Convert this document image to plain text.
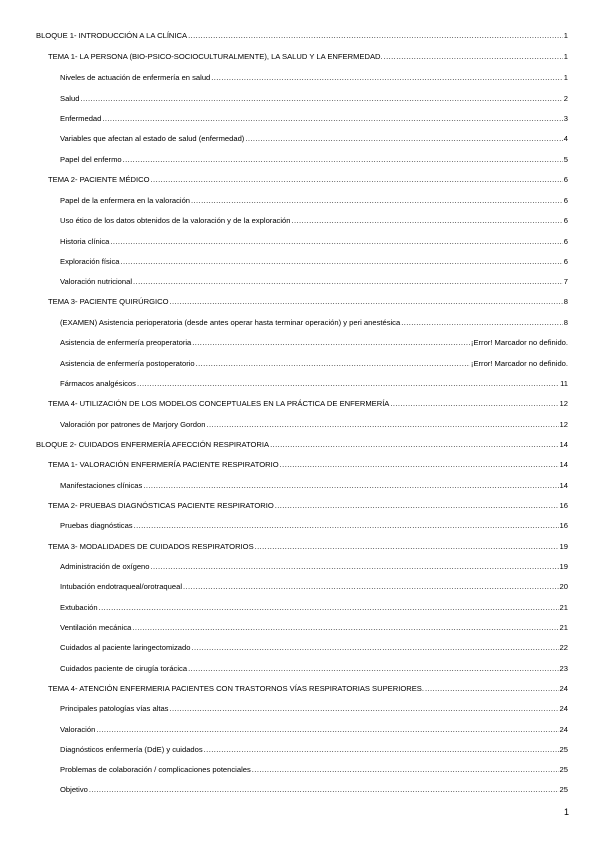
BLOQUE 1- INTRODUCCIÓN A LA CLÍNICA .....	1
TEMA 1- LA PERSONA (BIO-PSICO-SOCIOCULTURALMENTE), LA SALUD Y LA ENFERMEDAD. .....	1
Niveles de actuación de enfermería en salud .....	1
Salud .....	2
Enfermedad .....	3
Variables que afectan al estado de salud (enfermedad) .....	4
Papel del enfermo .....	5
TEMA 2- PACIENTE MÉDICO .....	6
Papel de la enfermera en la valoración .....	6
Uso ético de los datos obtenidos de la valoración y de la exploración .....	6
Historia clínica .....	6
Exploración física .....	6
Valoración nutricional .....	7
TEMA 3- PACIENTE QUIRÚRGICO .....	8
(EXAMEN) Asistencia perioperatoria (desde antes operar hasta terminar operación) y peri anestésica .....	8
Asistencia de enfermería preoperatoria .....	¡Error! Marcador no definido.
Asistencia de enfermería postoperatorio .....	¡Error! Marcador no definido.
Fármacos analgésicos .....	11
TEMA 4- UTILIZACIÓN DE LOS MODELOS CONCEPTUALES EN LA PRÁCTICA DE ENFERMERÍA .....	12
Valoración por patrones de Marjory Gordon .....	12
BLOQUE 2- CUIDADOS ENFERMERÍA AFECCIÓN RESPIRATORIA .....	14
TEMA 1- VALORACIÓN ENFERMERÍA PACIENTE RESPIRATORIO .....	14
Manifestaciones clínicas .....	14
TEMA 2- PRUEBAS DIAGNÓSTICAS PACIENTE RESPIRATORIO .....	16
Pruebas diagnósticas .....	16
TEMA 3- MODALIDADES DE CUIDADOS RESPIRATORIOS .....	19
Administración de oxígeno .....	19
Intubación endotraqueal/orotraqueal .....	20
Extubación .....	21
Ventilación mecánica .....	21
Cuidados al paciente laringectomizado .....	22
Cuidados paciente de cirugía torácica .....	23
TEMA 4- ATENCIÓN ENFERMERIA PACIENTES CON TRASTORNOS VÍAS RESPIRATORIAS SUPERIORES. .....	24
Principales patologías vías altas .....	24
Valoración .....	24
Diagnósticos enfermería (DdE) y cuidados .....	25
Problemas de colaboración / complicaciones potenciales .....	25
Objetivo .....	25
1
